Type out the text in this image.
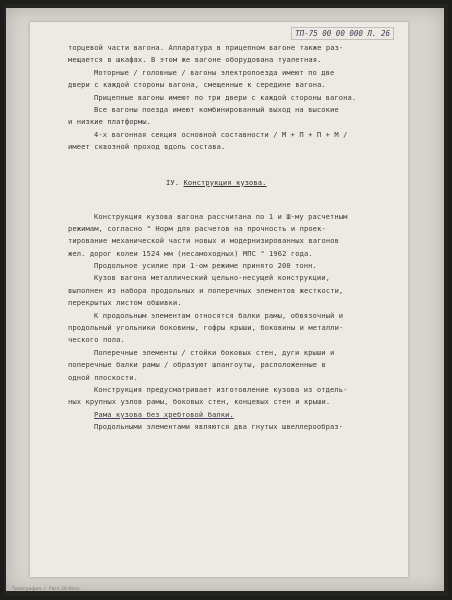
ТП-75 00 00 000 Л. 26
торцевой части вагона. Аппаратура в прицепном вагоне также раз-
мещается в шкафах. В этом же вагоне оборудована туалетная.
Моторные / головные / вагоны электропоезда имеют по две
двери с каждой стороны вагона, смещенные к середине вагона.
Прицепные вагоны имеют по три двери с каждой стороны вагона.
Все вагоны поезда имеют комбинированный выход на высокие
и низкие платформы.
4-х вагонная секция основной составности / М + П + П + М /
имеет сквозной проход вдоль состава.
IУ. Конструкция кузова.
Конструкция кузова вагона рассчитана по 1 и Ш-му расчетным
режимам, согласно " Норм для расчетов на прочность и проек-
тирование механической части новых и модернизированных вагонов
жел. дорог колеи 1524 мм (несамоходных) МПС " 1962 года.
Продольное усилие при 1-ом режиме принято 200 тонн.
Кузов вагона металлический цельно-несущей конструкции,
выполнен из набора продольных и поперечных элементов жесткости,
перекрытых листом обшивки.
К продольным элементам относятся балки рамы, обвязочный и
продольный угольники боковины, гофры крыши, боковины и металли-
ческого пола.
Поперечные элементы / стойки боковых стен, дуги крыши и
поперечные балки рамы / образуют шпангоуты, расположенные в
одной плоскости.
Конструкция предусматривает изготовление кузова из отдель-
ных крупных узлов рамы, боковых стен, концевых стен и крыши.
Рама кузова без хребтовой балки.
Продольными элементами являются два гнутых швеллерообраз-
Типография, г. Рига 26 балл.
